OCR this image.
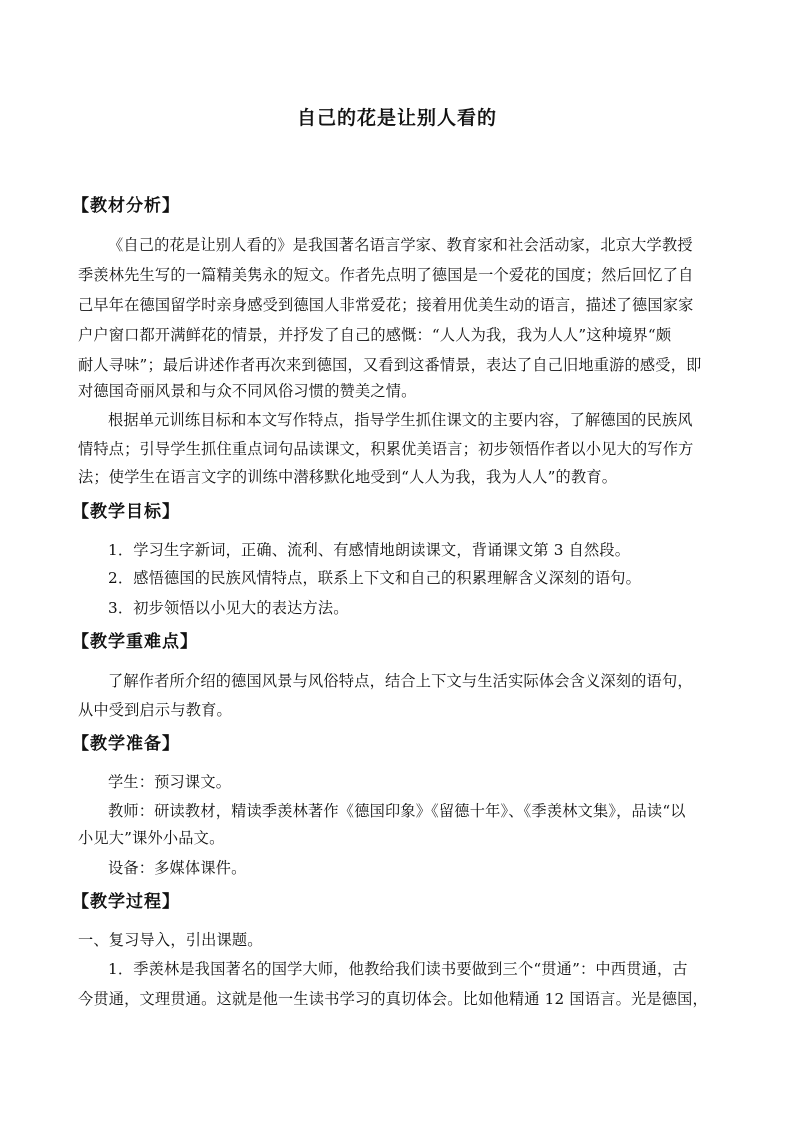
自己的花是让别人看的
【教材分析】
《自己的花是让别人看的》是我国著名语言学家、教育家和社会活动家，北京大学教授
季羡林先生写的一篇精美隽永的短文。作者先点明了德国是一个爱花的国度；然后回忆了自
己早年在德国留学时亲身感受到德国人非常爱花；接着用优美生动的语言，描述了德国家家
户户窗口都开满鲜花的情景，并抒发了自己的感慨：“人人为我，我为人人”这种境界“颇
耐人寻味”；最后讲述作者再次来到德国，又看到这番情景，表达了自己旧地重游的感受，即
对德国奇丽风景和与众不同风俗习惯的赞美之情。
根据单元训练目标和本文写作特点，指导学生抓住课文的主要内容，了解德国的民族风
情特点；引导学生抓住重点词句品读课文，积累优美语言；初步领悟作者以小见大的写作方
法；使学生在语言文字的训练中潜移默化地受到“人人为我，我为人人”的教育。
【教学目标】
1．学习生字新词，正确、流利、有感情地朗读课文，背诵课文第 3 自然段。
2．感悟德国的民族风情特点，联系上下文和自己的积累理解含义深刻的语句。
3．初步领悟以小见大的表达方法。
【教学重难点】
了解作者所介绍的德国风景与风俗特点，结合上下文与生活实际体会含义深刻的语句，
从中受到启示与教育。
【教学准备】
学生：预习课文。
教师：研读教材，精读季羡林著作《德国印象》《留德十年》、《季羡林文集》，品读“以
小见大”课外小品文。
设备：多媒体课件。
【教学过程】
一、复习导入，引出课题。
1．季羡林是我国著名的国学大师，他教给我们读书要做到三个“贯通”：中西贯通，古
今贯通，文理贯通。这就是他一生读书学习的真切体会。比如他精通 12 国语言。光是德国，
